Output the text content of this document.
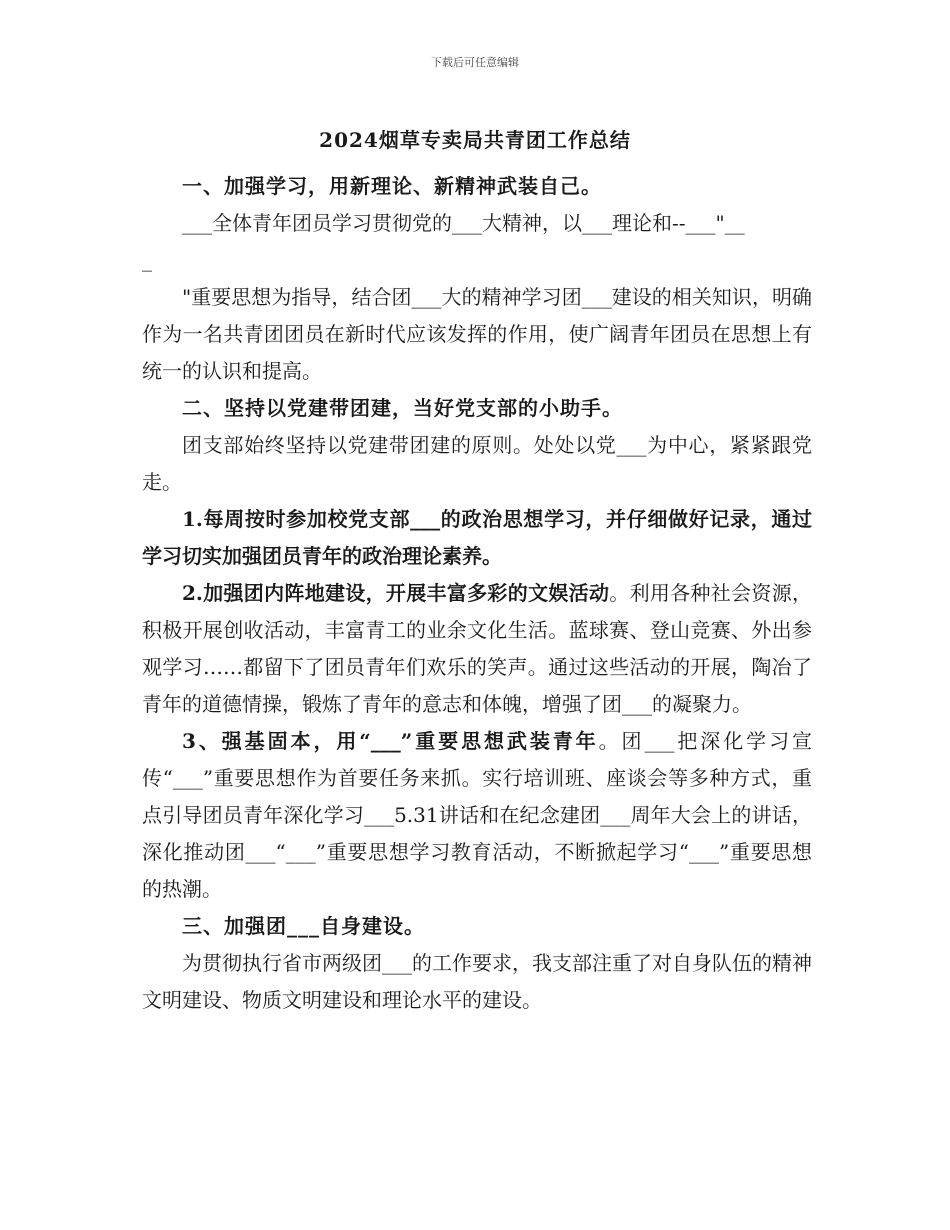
下载后可任意编辑
2024烟草专卖局共青团工作总结

一、加强学习，用新理论、新精神武装自己。

___全体青年团员学习贯彻党的___大精神，以___理论和--___"__

_

"重要思想为指导，结合团___大的精神学习团___建设的相关知识，明确作为一名共青团团员在新时代应该发挥的作用，使广阔青年团员在思想上有统一的认识和提高。

二、坚持以党建带团建，当好党支部的小助手。

团支部始终坚持以党建带团建的原则。处处以党___为中心，紧紧跟党走。

1.每周按时参加校党支部___的政治思想学习，并仔细做好记录，通过学习切实加强团员青年的政治理论素养。

2.加强团内阵地建设，开展丰富多彩的文娱活动。利用各种社会资源，积极开展创收活动，丰富青工的业余文化生活。蓝球赛、登山竞赛、外出参观学习……都留下了团员青年们欢乐的笑声。通过这些活动的开展，陶冶了青年的道德情操，锻炼了青年的意志和体魄，增强了团___的凝聚力。

3、强基固本，用“___”重要思想武装青年。团___把深化学习宣传“___”重要思想作为首要任务来抓。实行培训班、座谈会等多种方式，重点引导团员青年深化学习___5.31讲话和在纪念建团___周年大会上的讲话，深化推动团___“___”重要思想学习教育活动，不断掀起学习“___”重要思想的热潮。

三、加强团___自身建设。

为贯彻执行省市两级团___的工作要求，我支部注重了对自身队伍的精神文明建设、物质文明建设和理论水平的建设。
